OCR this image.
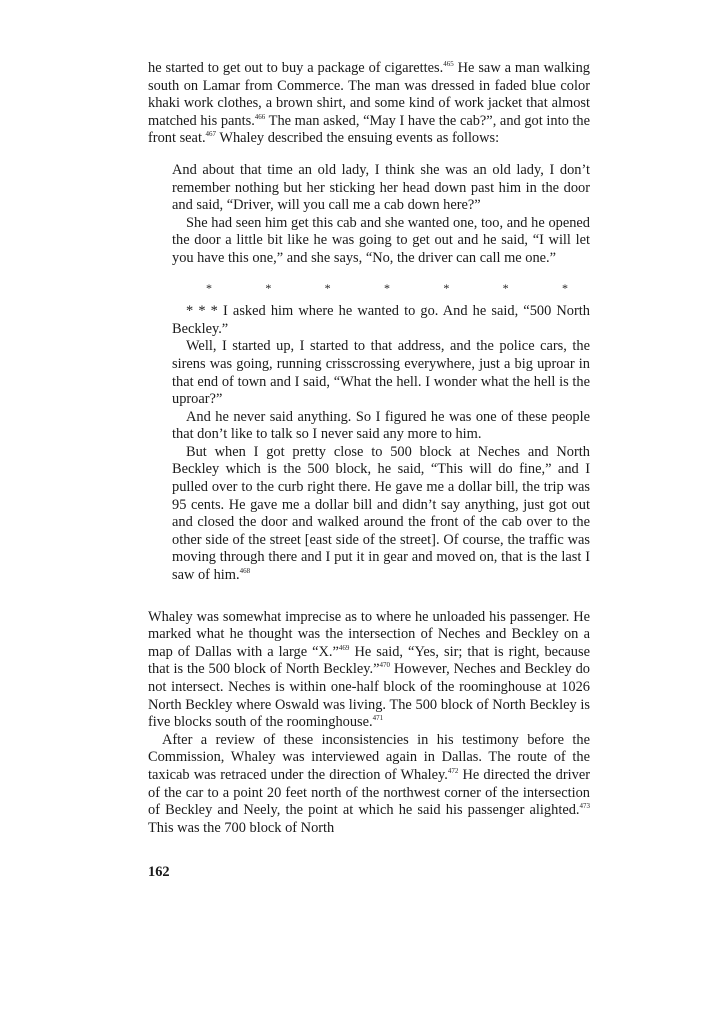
he started to get out to buy a package of cigarettes.$^{465}$ He saw a man walking south on Lamar from Commerce. The man was dressed in faded blue color khaki work clothes, a brown shirt, and some kind of work jacket that almost matched his pants.$^{466}$ The man asked, “May I have the cab?”, and got into the front seat.$^{467}$ Whaley described the ensuing events as follows:

And about that time an old lady, I think she was an old lady, I don’t remember nothing but her sticking her head down past him in the door and said, “Driver, will you call me a cab down here?”

She had seen him get this cab and she wanted one, too, and he opened the door a little bit like he was going to get out and he said, “I will let you have this one,” and she says, “No, the driver can call me one.”

*	*	*	*	*	*	*

* * * I asked him where he wanted to go. And he said, “500 North Beckley.”

Well, I started up, I started to that address, and the police cars, the sirens was going, running crisscrossing everywhere, just a big uproar in that end of town and I said, “What the hell. I wonder what the hell is the uproar?”

And he never said anything. So I figured he was one of these people that don’t like to talk so I never said any more to him.

But when I got pretty close to 500 block at Neches and North Beckley which is the 500 block, he said, “This will do fine,” and I pulled over to the curb right there. He gave me a dollar bill, the trip was 95 cents. He gave me a dollar bill and didn’t say anything, just got out and closed the door and walked around the front of the cab over to the other side of the street [east side of the street]. Of course, the traffic was moving through there and I put it in gear and moved on, that is the last I saw of him.$^{468}$

Whaley was somewhat imprecise as to where he unloaded his passenger. He marked what he thought was the intersection of Neches and Beckley on a map of Dallas with a large “X.”$^{469}$ He said, “Yes, sir; that is right, because that is the 500 block of North Beckley.”$^{470}$ However, Neches and Beckley do not intersect. Neches is within one-half block of the roominghouse at 1026 North Beckley where Oswald was living. The 500 block of North Beckley is five blocks south of the roominghouse.$^{471}$

After a review of these inconsistencies in his testimony before the Commission, Whaley was interviewed again in Dallas. The route of the taxicab was retraced under the direction of Whaley.$^{472}$ He directed the driver of the car to a point 20 feet north of the northwest corner of the intersection of Beckley and Neely, the point at which he said his passenger alighted.$^{473}$ This was the 700 block of North

162
